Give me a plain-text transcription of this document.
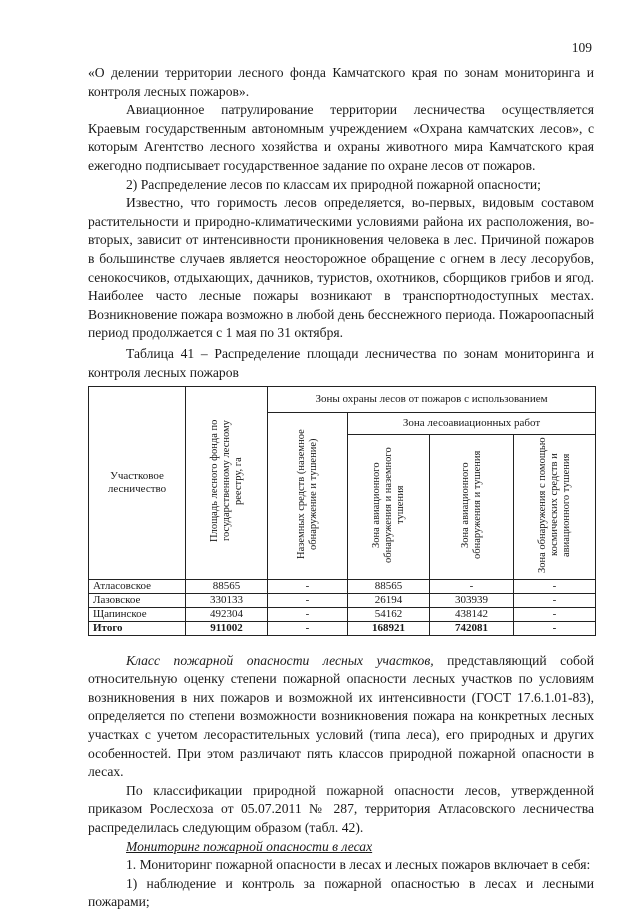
109

«О делении территории лесного фонда Камчатского края по зонам мониторинга и контроля лесных пожаров».

Авиационное патрулирование территории лесничества осуществляется Краевым государственным автономным учреждением «Охрана камчатских лесов», с которым Агентство лесного хозяйства и охраны животного мира Камчатского края ежегодно подписывает государственное задание по охране лесов от пожаров.

2) Распределение лесов по классам их природной пожарной опасности;

Известно, что горимость лесов определяется, во-первых, видовым составом растительности и природно-климатическими условиями района их расположения, во-вторых, зависит от интенсивности проникновения человека в лес. Причиной пожаров в большинстве случаев является неосторожное обращение с огнем в лесу лесорубов, сенокосчиков, отдыхающих, дачников, туристов, охотников, сборщиков грибов и ягод. Наиболее часто лесные пожары возникают в транспортнодоступных местах. Возникновение пожара возможно в любой день бесснежного периода. Пожароопасный период продолжается с 1 мая по 31 октября.

Таблица 41 – Распределение площади лесничества по зонам мониторинга и контроля лесных пожаров

Участковое лесничество	Площадь лесного фонда по государственному лесному реестру, га	Зоны охраны лесов от пожаров с использованием			
		Наземных средств (наземное обнаружение и тушение)	Зона лесоавиационных работ		
			Зона авиационного обнаружения и наземного тушения	Зона авиационного обнаружения и тушения	Зона обнаружения с помощью космических средств и авиационного тушения
Атласовское	88565	-	88565	-	-
Лазовское	330133	-	26194	303939	-
Щапинское	492304	-	54162	438142	-
Итого	911002	-	168921	742081	-

Класс пожарной опасности лесных участков, представляющий собой относительную оценку степени пожарной опасности лесных участков по условиям возникновения в них пожаров и возможной их интенсивности (ГОСТ 17.6.1.01-83), определяется по степени возможности возникновения пожара на конкретных лесных участках с учетом лесорастительных условий (типа леса), его природных и других особенностей. При этом различают пять классов природной пожарной опасности в лесах.

По классификации природной пожарной опасности лесов, утвержденной приказом Рослесхоза от 05.07.2011 № 287, территория Атласовского лесничества распределилась следующим образом (табл. 42).

Мониторинг пожарной опасности в лесах

1. Мониторинг пожарной опасности в лесах и лесных пожаров включает в себя:

1) наблюдение и контроль за пожарной опасностью в лесах и лесными пожарами;
